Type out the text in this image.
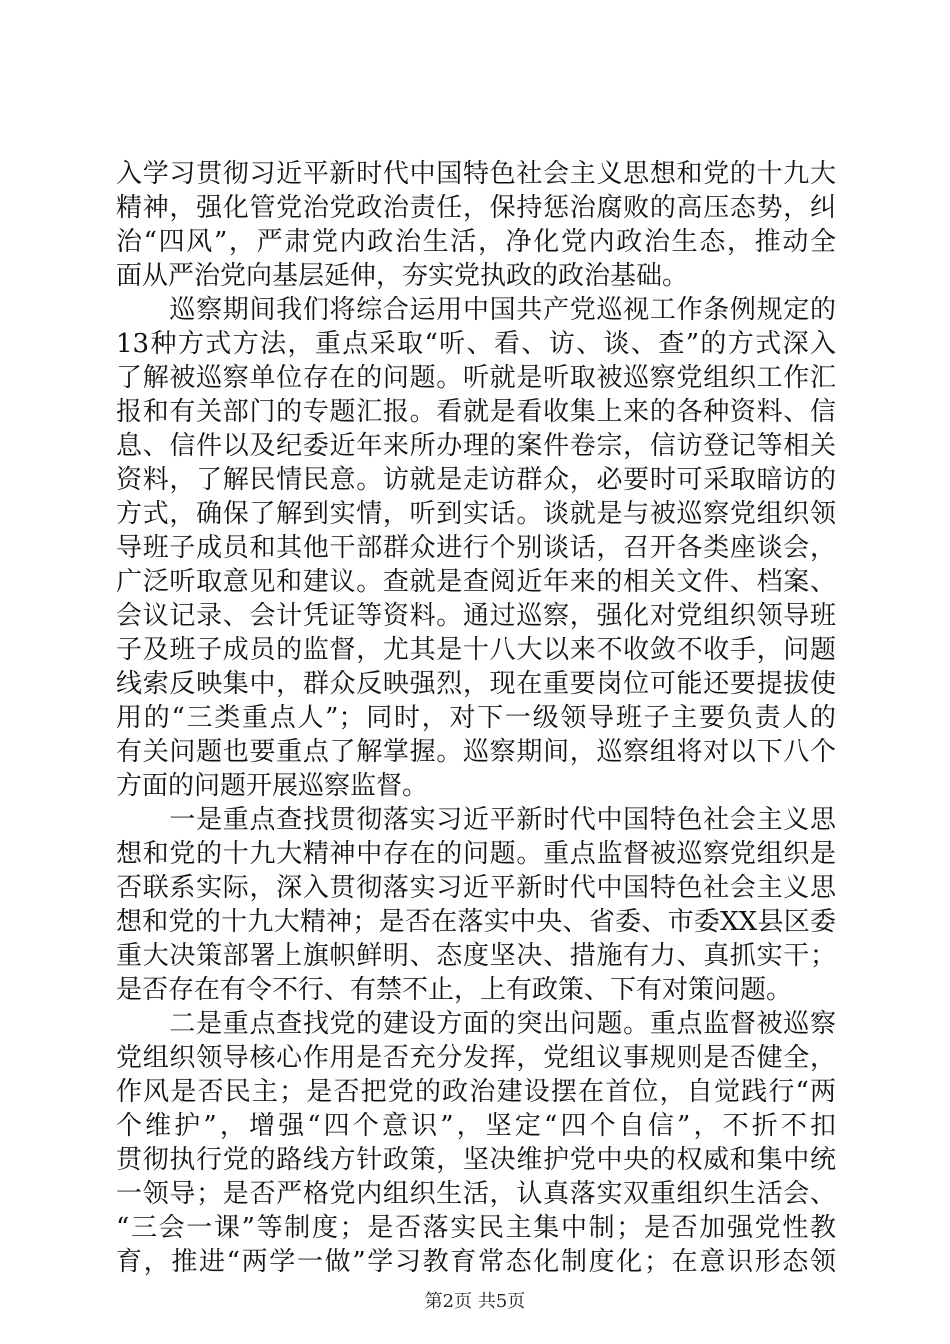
入学习贯彻习近平新时代中国特色社会主义思想和党的十九大
精神，强化管党治党政治责任，保持惩治腐败的高压态势，纠
治“四风”，严肃党内政治生活，净化党内政治生态，推动全
面从严治党向基层延伸，夯实党执政的政治基础。
　　巡察期间我们将综合运用中国共产党巡视工作条例规定的
13种方式方法，重点采取“听、看、访、谈、查”的方式深入
了解被巡察单位存在的问题。听就是听取被巡察党组织工作汇
报和有关部门的专题汇报。看就是看收集上来的各种资料、信
息、信件以及纪委近年来所办理的案件卷宗，信访登记等相关
资料，了解民情民意。访就是走访群众，必要时可采取暗访的
方式，确保了解到实情，听到实话。谈就是与被巡察党组织领
导班子成员和其他干部群众进行个别谈话，召开各类座谈会，
广泛听取意见和建议。查就是查阅近年来的相关文件、档案、
会议记录、会计凭证等资料。通过巡察，强化对党组织领导班
子及班子成员的监督，尤其是十八大以来不收敛不收手，问题
线索反映集中，群众反映强烈，现在重要岗位可能还要提拔使
用的“三类重点人”；同时，对下一级领导班子主要负责人的
有关问题也要重点了解掌握。巡察期间，巡察组将对以下八个
方面的问题开展巡察监督。
　　一是重点查找贯彻落实习近平新时代中国特色社会主义思
想和党的十九大精神中存在的问题。重点监督被巡察党组织是
否联系实际，深入贯彻落实习近平新时代中国特色社会主义思
想和党的十九大精神；是否在落实中央、省委、市委XX县区委
重大决策部署上旗帜鲜明、态度坚决、措施有力、真抓实干；
是否存在有令不行、有禁不止，上有政策、下有对策问题。
　　二是重点查找党的建设方面的突出问题。重点监督被巡察
党组织领导核心作用是否充分发挥，党组议事规则是否健全，
作风是否民主；是否把党的政治建设摆在首位，自觉践行“两
个维护”，增强“四个意识”，坚定“四个自信”，不折不扣
贯彻执行党的路线方针政策，坚决维护党中央的权威和集中统
一领导；是否严格党内组织生活，认真落实双重组织生活会、
“三会一课”等制度；是否落实民主集中制；是否加强党性教
育，推进“两学一做”学习教育常态化制度化；在意识形态领
第2页 共5页
